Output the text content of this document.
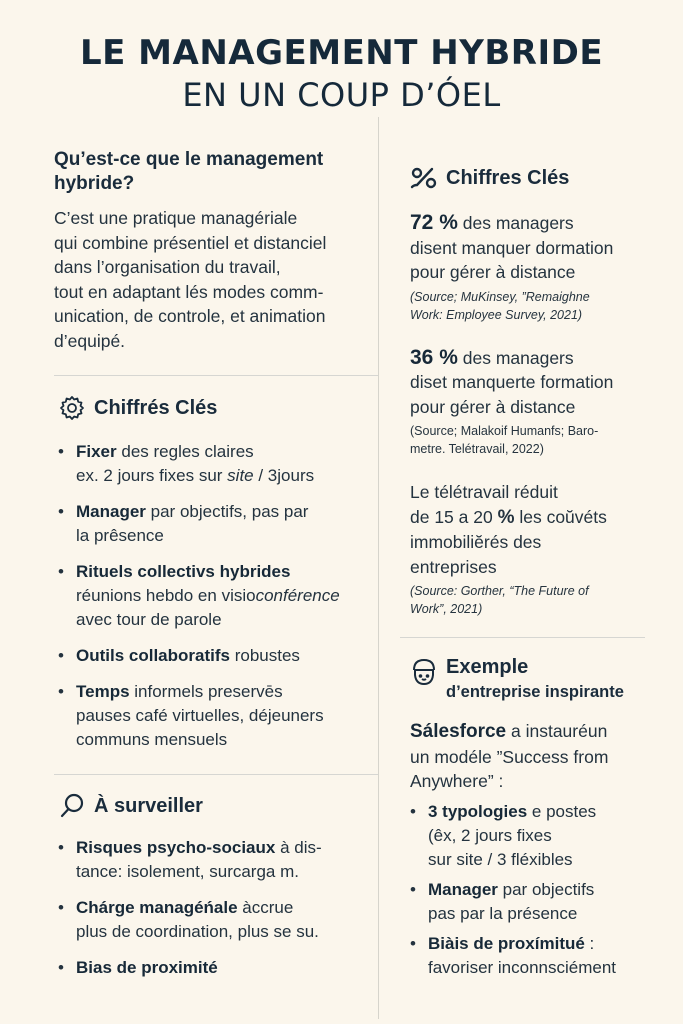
LE MANAGEMENT HYBRIDE
EN UN COUP D’ÓEL
Qu’est-ce que le management hybride?
C’est une pratique managériale
qui combine présentiel et distanciel
dans l’organisation du travail,
tout en adaptant lés modes comm-
unication, de controle, et animation
d’equipé.
Chiffrés Clés
• Fixer des regles claires
ex. 2 jours fixes sur site / 3jours
• Manager par objectifs, pas par
la prêsence
• Rituels collectivs hybrides
réunions hebdo en visioconférence
avec tour de parole
• Outils collaboratifs robustes
• Temps informels preservēs
pauses café virtuelles, déjeuners
communs mensuels
À surveiller
• Risques psycho-sociaux à dis-
tance: isolement, surcarga m.
• Chárge managéńale àccrue
plus de coordination, plus se su.
• Bias de proximité
Chiffres Clés
72 % des managers
disent manquer dormation
pour gérer à distance
(Source; MuKinsey, ”Remaighne
Work: Employee Survey, 2021)
36 % des managers
diset manquerte formation
pour gérer à distance
(Source; Malakoif Humanfs; Baro-
metre. Telétravail, 2022)
Le télétravail réduit
de 15 a 20 % les coŭvéts
immobiliĕrés des
entreprises
(Source: Gorther, “The Future of
Work”, 2021)
Exemple
d’entreprise inspirante
Sálesforce a instauréun
un modéle ”Success from
Anywhere” :
• 3 typologies e postes
(êx, 2 jours fixes
sur site / 3 fléxibles
• Manager par objectifs
pas par la présence
• Biàis de proxímitué :
favoriser inconnsciément
